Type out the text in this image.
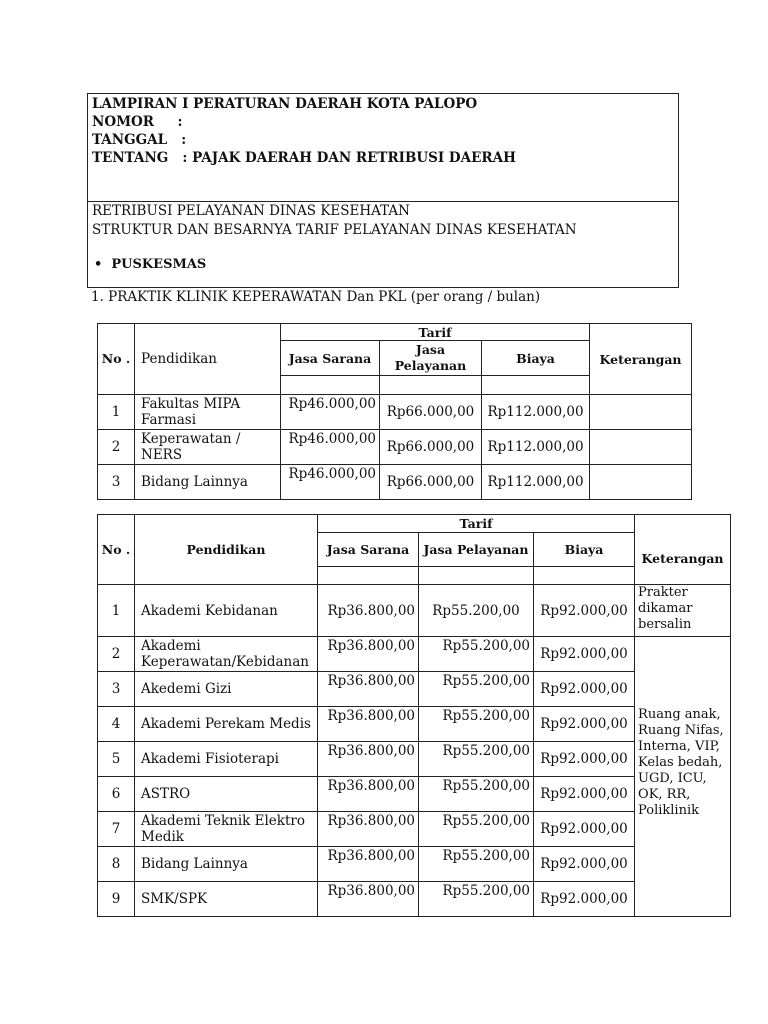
LAMPIRAN I PERATURAN DAERAH KOTA PALOPO
NOMOR     :
TANGGAL   :
TENTANG   : PAJAK DAERAH DAN RETRIBUSI DAERAH
RETRIBUSI PELAYANAN DINAS KESEHATAN
STRUKTUR DAN BESARNYA TARIF PELAYANAN DINAS KESEHATAN
•  PUSKESMAS
1. PRAKTIK KLINIK KEPERAWATAN Dan PKL (per orang / bulan)
No .	Pendidikan	Tarif			Keterangan
		Jasa Sarana	Jasa Pelayanan	Biaya	

1	Fakultas MIPA Farmasi	Rp46.000,00	Rp66.000,00	Rp112.000,00	
2	Keperawatan / NERS	Rp46.000,00	Rp66.000,00	Rp112.000,00	
3	Bidang Lainnya	Rp46.000,00	Rp66.000,00	Rp112.000,00	
No .	Pendidikan	Tarif			
		Jasa Sarana	Jasa Pelayanan	Biaya	Keterangan

1	Akademi Kebidanan	Rp36.800,00	Rp55.200,00	Rp92.000,00	Prakter dikamar bersalin
2	Akademi Keperawatan/Kebidanan	Rp36.800,00	Rp55.200,00	Rp92.000,00	Ruang anak, Ruang Nifas, Interna, VIP, Kelas bedah, UGD, ICU, OK, RR, Poliklinik
3	Akedemi Gizi	Rp36.800,00	Rp55.200,00	Rp92.000,00	
4	Akademi Perekam Medis	Rp36.800,00	Rp55.200,00	Rp92.000,00	
5	Akademi Fisioterapi	Rp36.800,00	Rp55.200,00	Rp92.000,00	
6	ASTRO	Rp36.800,00	Rp55.200,00	Rp92.000,00	
7	Akademi Teknik Elektro Medik	Rp36.800,00	Rp55.200,00	Rp92.000,00	
8	Bidang Lainnya	Rp36.800,00	Rp55.200,00	Rp92.000,00	
9	SMK/SPK	Rp36.800,00	Rp55.200,00	Rp92.000,00	
